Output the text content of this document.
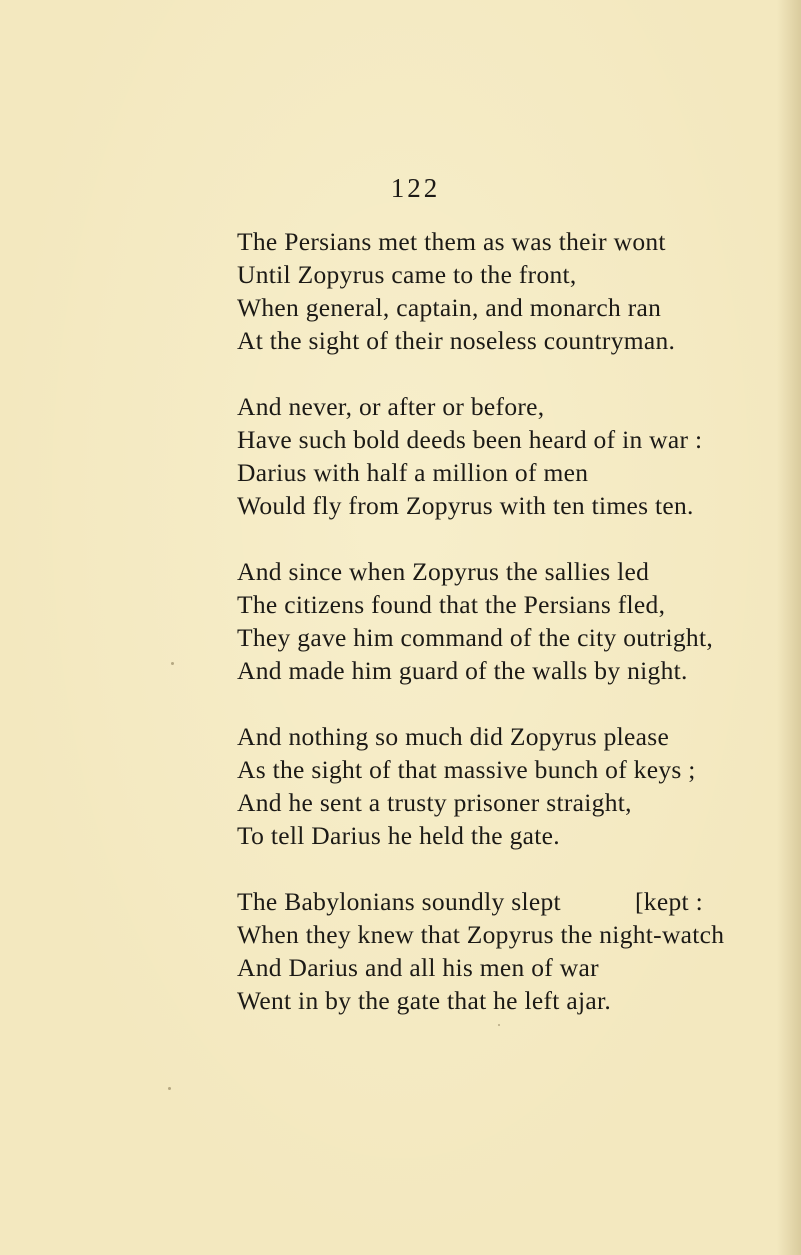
122
The Persians met them as was their wont
Until Zopyrus came to the front,
When general, captain, and monarch ran
At the sight of their noseless countryman.
And never, or after or before,
Have such bold deeds been heard of in war :
Darius with half a million of men
Would fly from Zopyrus with ten times ten.
And since when Zopyrus the sallies led
The citizens found that the Persians fled,
They gave him command of the city outright,
And made him guard of the walls by night.
And nothing so much did Zopyrus please
As the sight of that massive bunch of keys ;
And he sent a trusty prisoner straight,
To tell Darius he held the gate.
The Babylonians soundly slept	[kept :
When they knew that Zopyrus the night-watch
And Darius and all his men of war
Went in by the gate that he left ajar.
